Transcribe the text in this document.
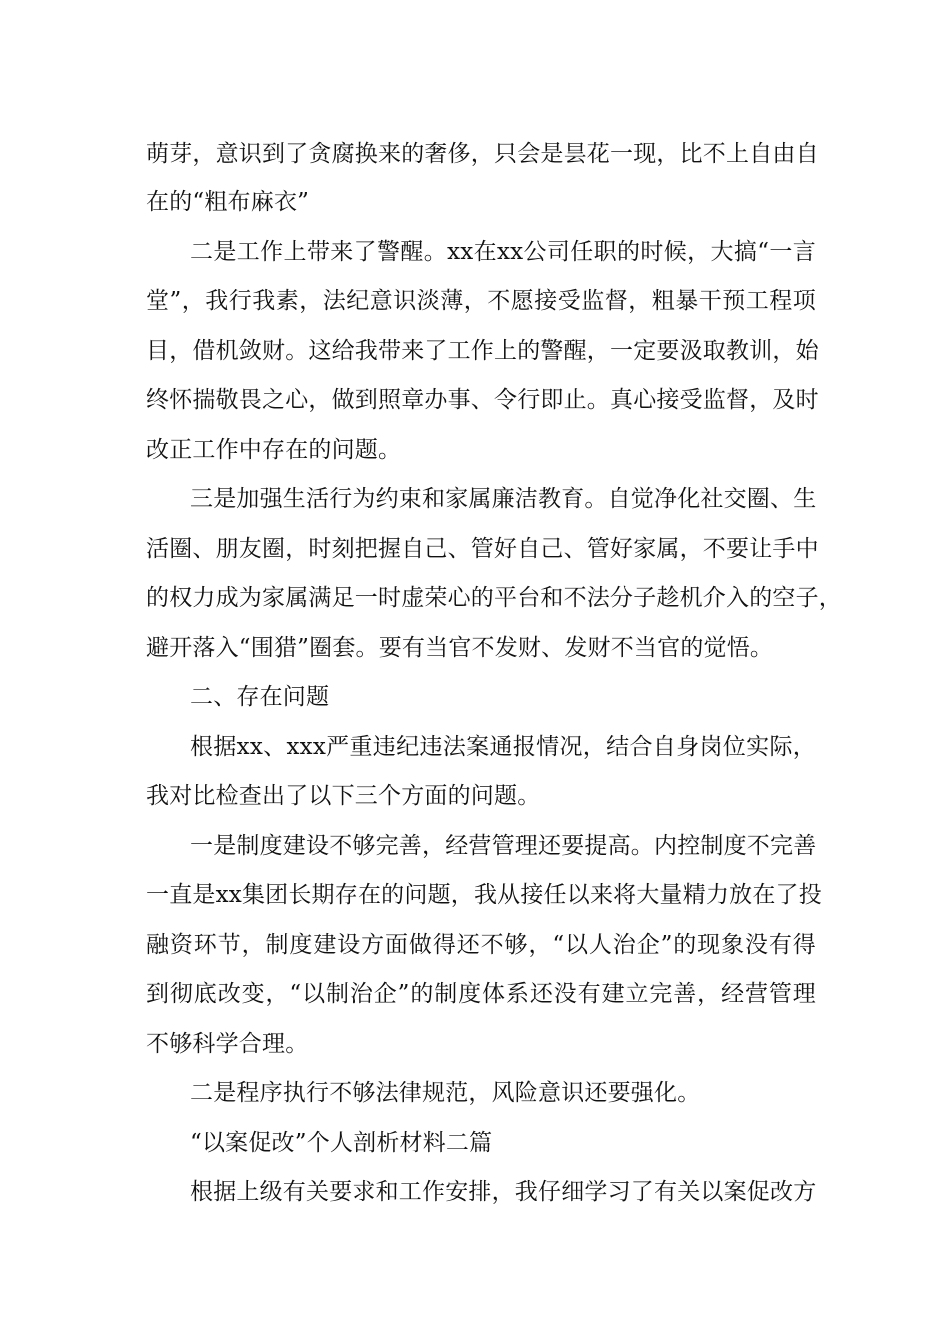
萌芽，意识到了贪腐换来的奢侈，只会是昙花一现，比不上自由自
在的“粗布麻衣”
二是工作上带来了警醒。xx在xx公司任职的时候，大搞“一言
堂”，我行我素，法纪意识淡薄，不愿接受监督，粗暴干预工程项
目，借机敛财。这给我带来了工作上的警醒，一定要汲取教训，始
终怀揣敬畏之心，做到照章办事、令行即止。真心接受监督，及时
改正工作中存在的问题。
三是加强生活行为约束和家属廉洁教育。自觉净化社交圈、生
活圈、朋友圈，时刻把握自己、管好自己、管好家属，不要让手中
的权力成为家属满足一时虚荣心的平台和不法分子趁机介入的空子，
避开落入“围猎”圈套。要有当官不发财、发财不当官的觉悟。
二、存在问题
根据xx、xxx严重违纪违法案通报情况，结合自身岗位实际，
我对比检查出了以下三个方面的问题。
一是制度建设不够完善，经营管理还要提高。内控制度不完善
一直是xx集团长期存在的问题，我从接任以来将大量精力放在了投
融资环节，制度建设方面做得还不够，“以人治企”的现象没有得
到彻底改变，“以制治企”的制度体系还没有建立完善，经营管理
不够科学合理。
二是程序执行不够法律规范，风险意识还要强化。
“以案促改”个人剖析材料二篇
根据上级有关要求和工作安排，我仔细学习了有关以案促改方
